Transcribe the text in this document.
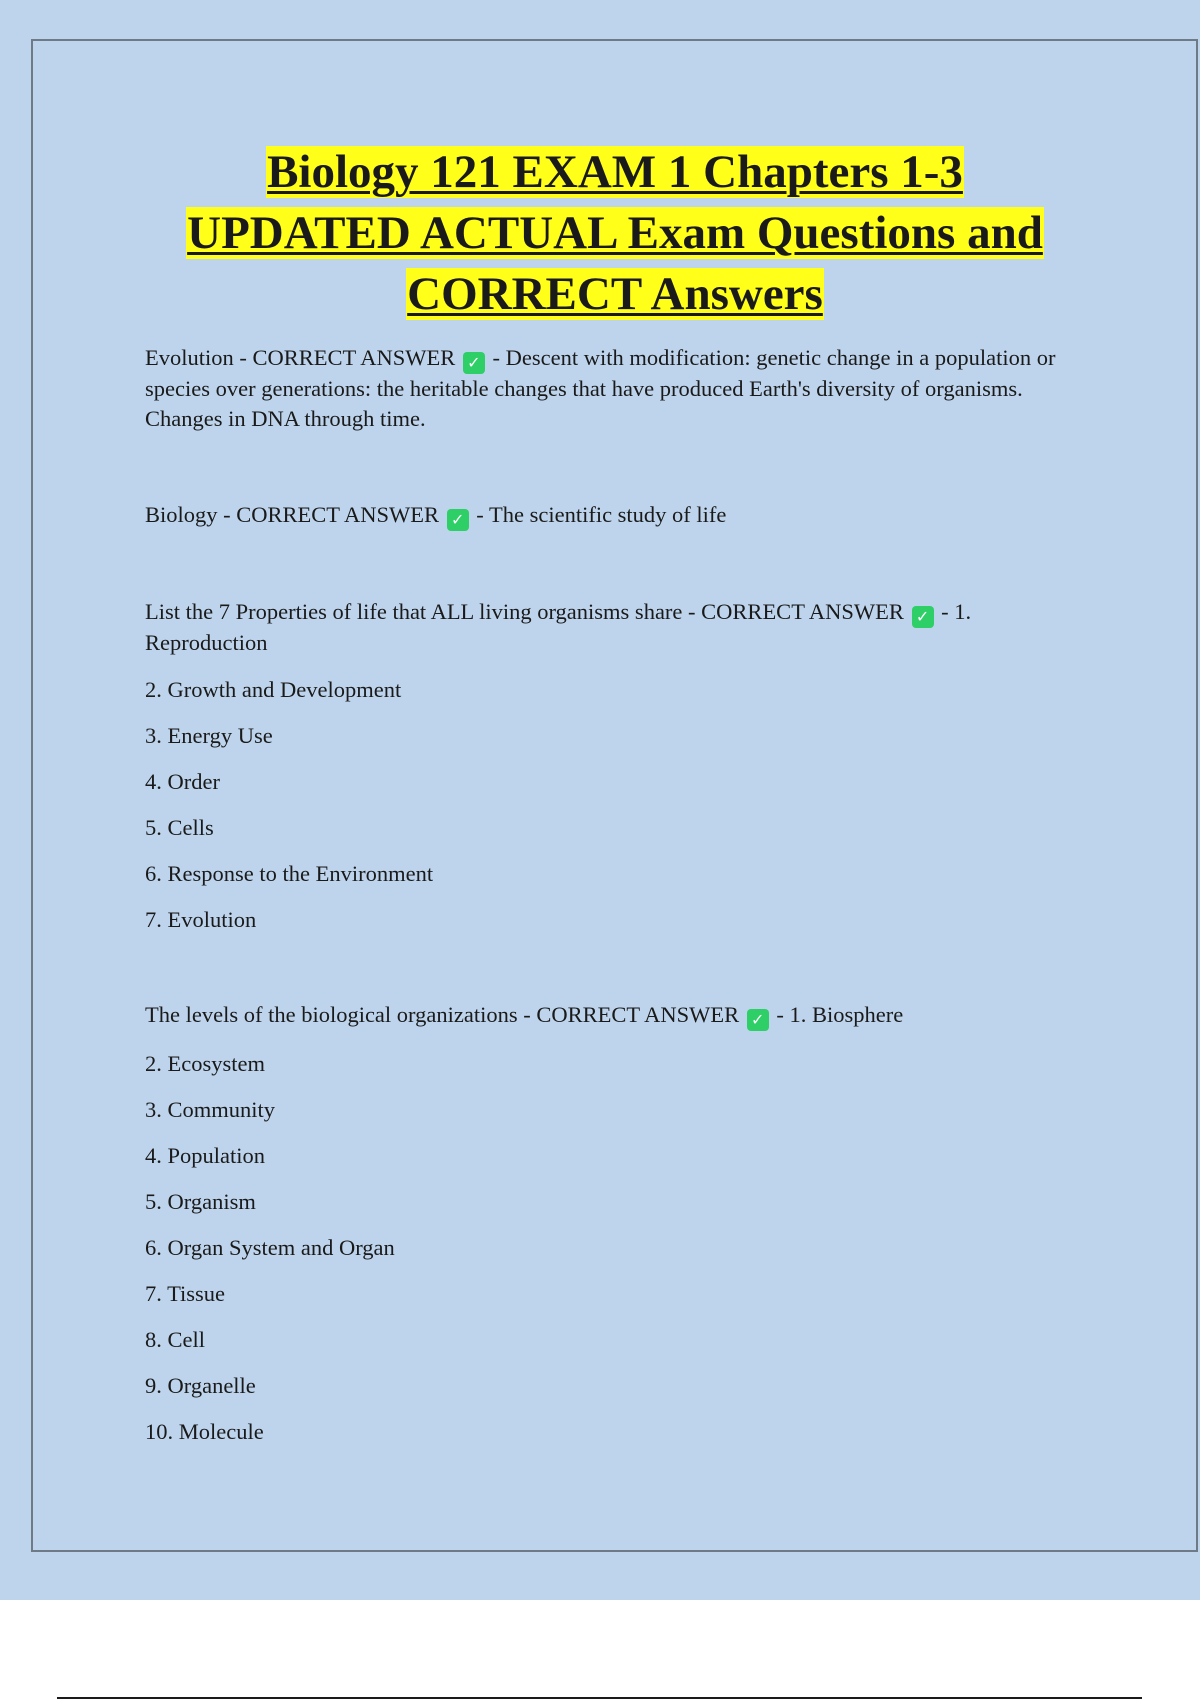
Biology 121 EXAM 1 Chapters 1-3
UPDATED ACTUAL Exam Questions and
CORRECT Answers

Evolution - CORRECT ANSWER ✓ - Descent with modification: genetic change in a population or species over generations: the heritable changes that have produced Earth's diversity of organisms. Changes in DNA through time.

Biology - CORRECT ANSWER ✓ - The scientific study of life

List the 7 Properties of life that ALL living organisms share - CORRECT ANSWER ✓ - 1. Reproduction

2. Growth and Development

3. Energy Use

4. Order

5. Cells

6. Response to the Environment

7. Evolution

The levels of the biological organizations - CORRECT ANSWER ✓ - 1. Biosphere

2. Ecosystem

3. Community

4. Population

5. Organism

6. Organ System and Organ

7. Tissue

8. Cell

9. Organelle

10. Molecule
